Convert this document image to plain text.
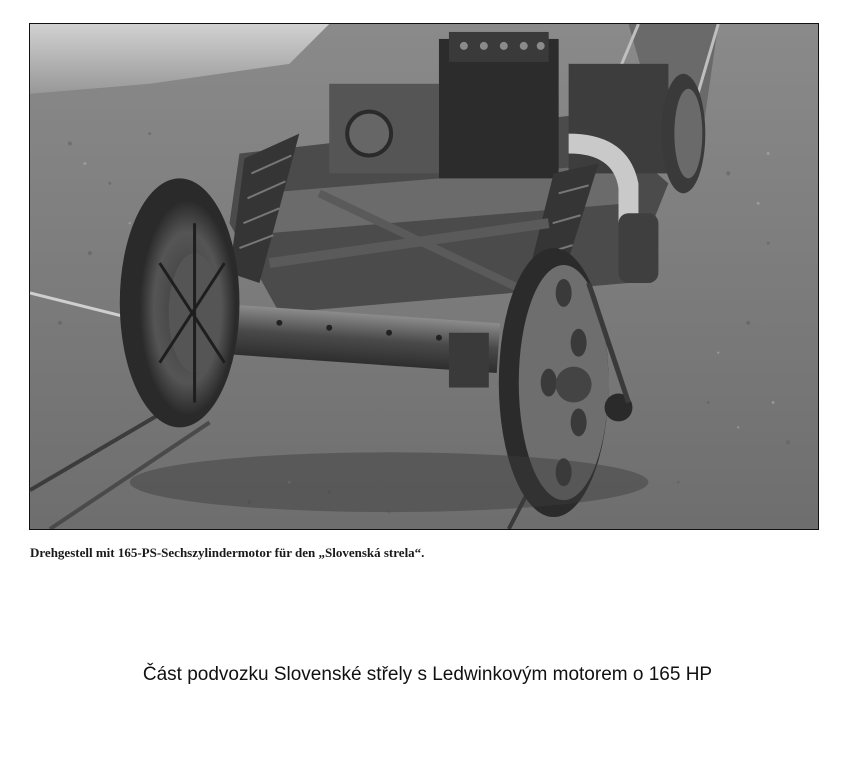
Drehgestell mit 165-PS-Sechszylindermotor für den „Slovenská strela“.
Část podvozku Slovenské střely s Ledwinkovým motorem o 165 HP
